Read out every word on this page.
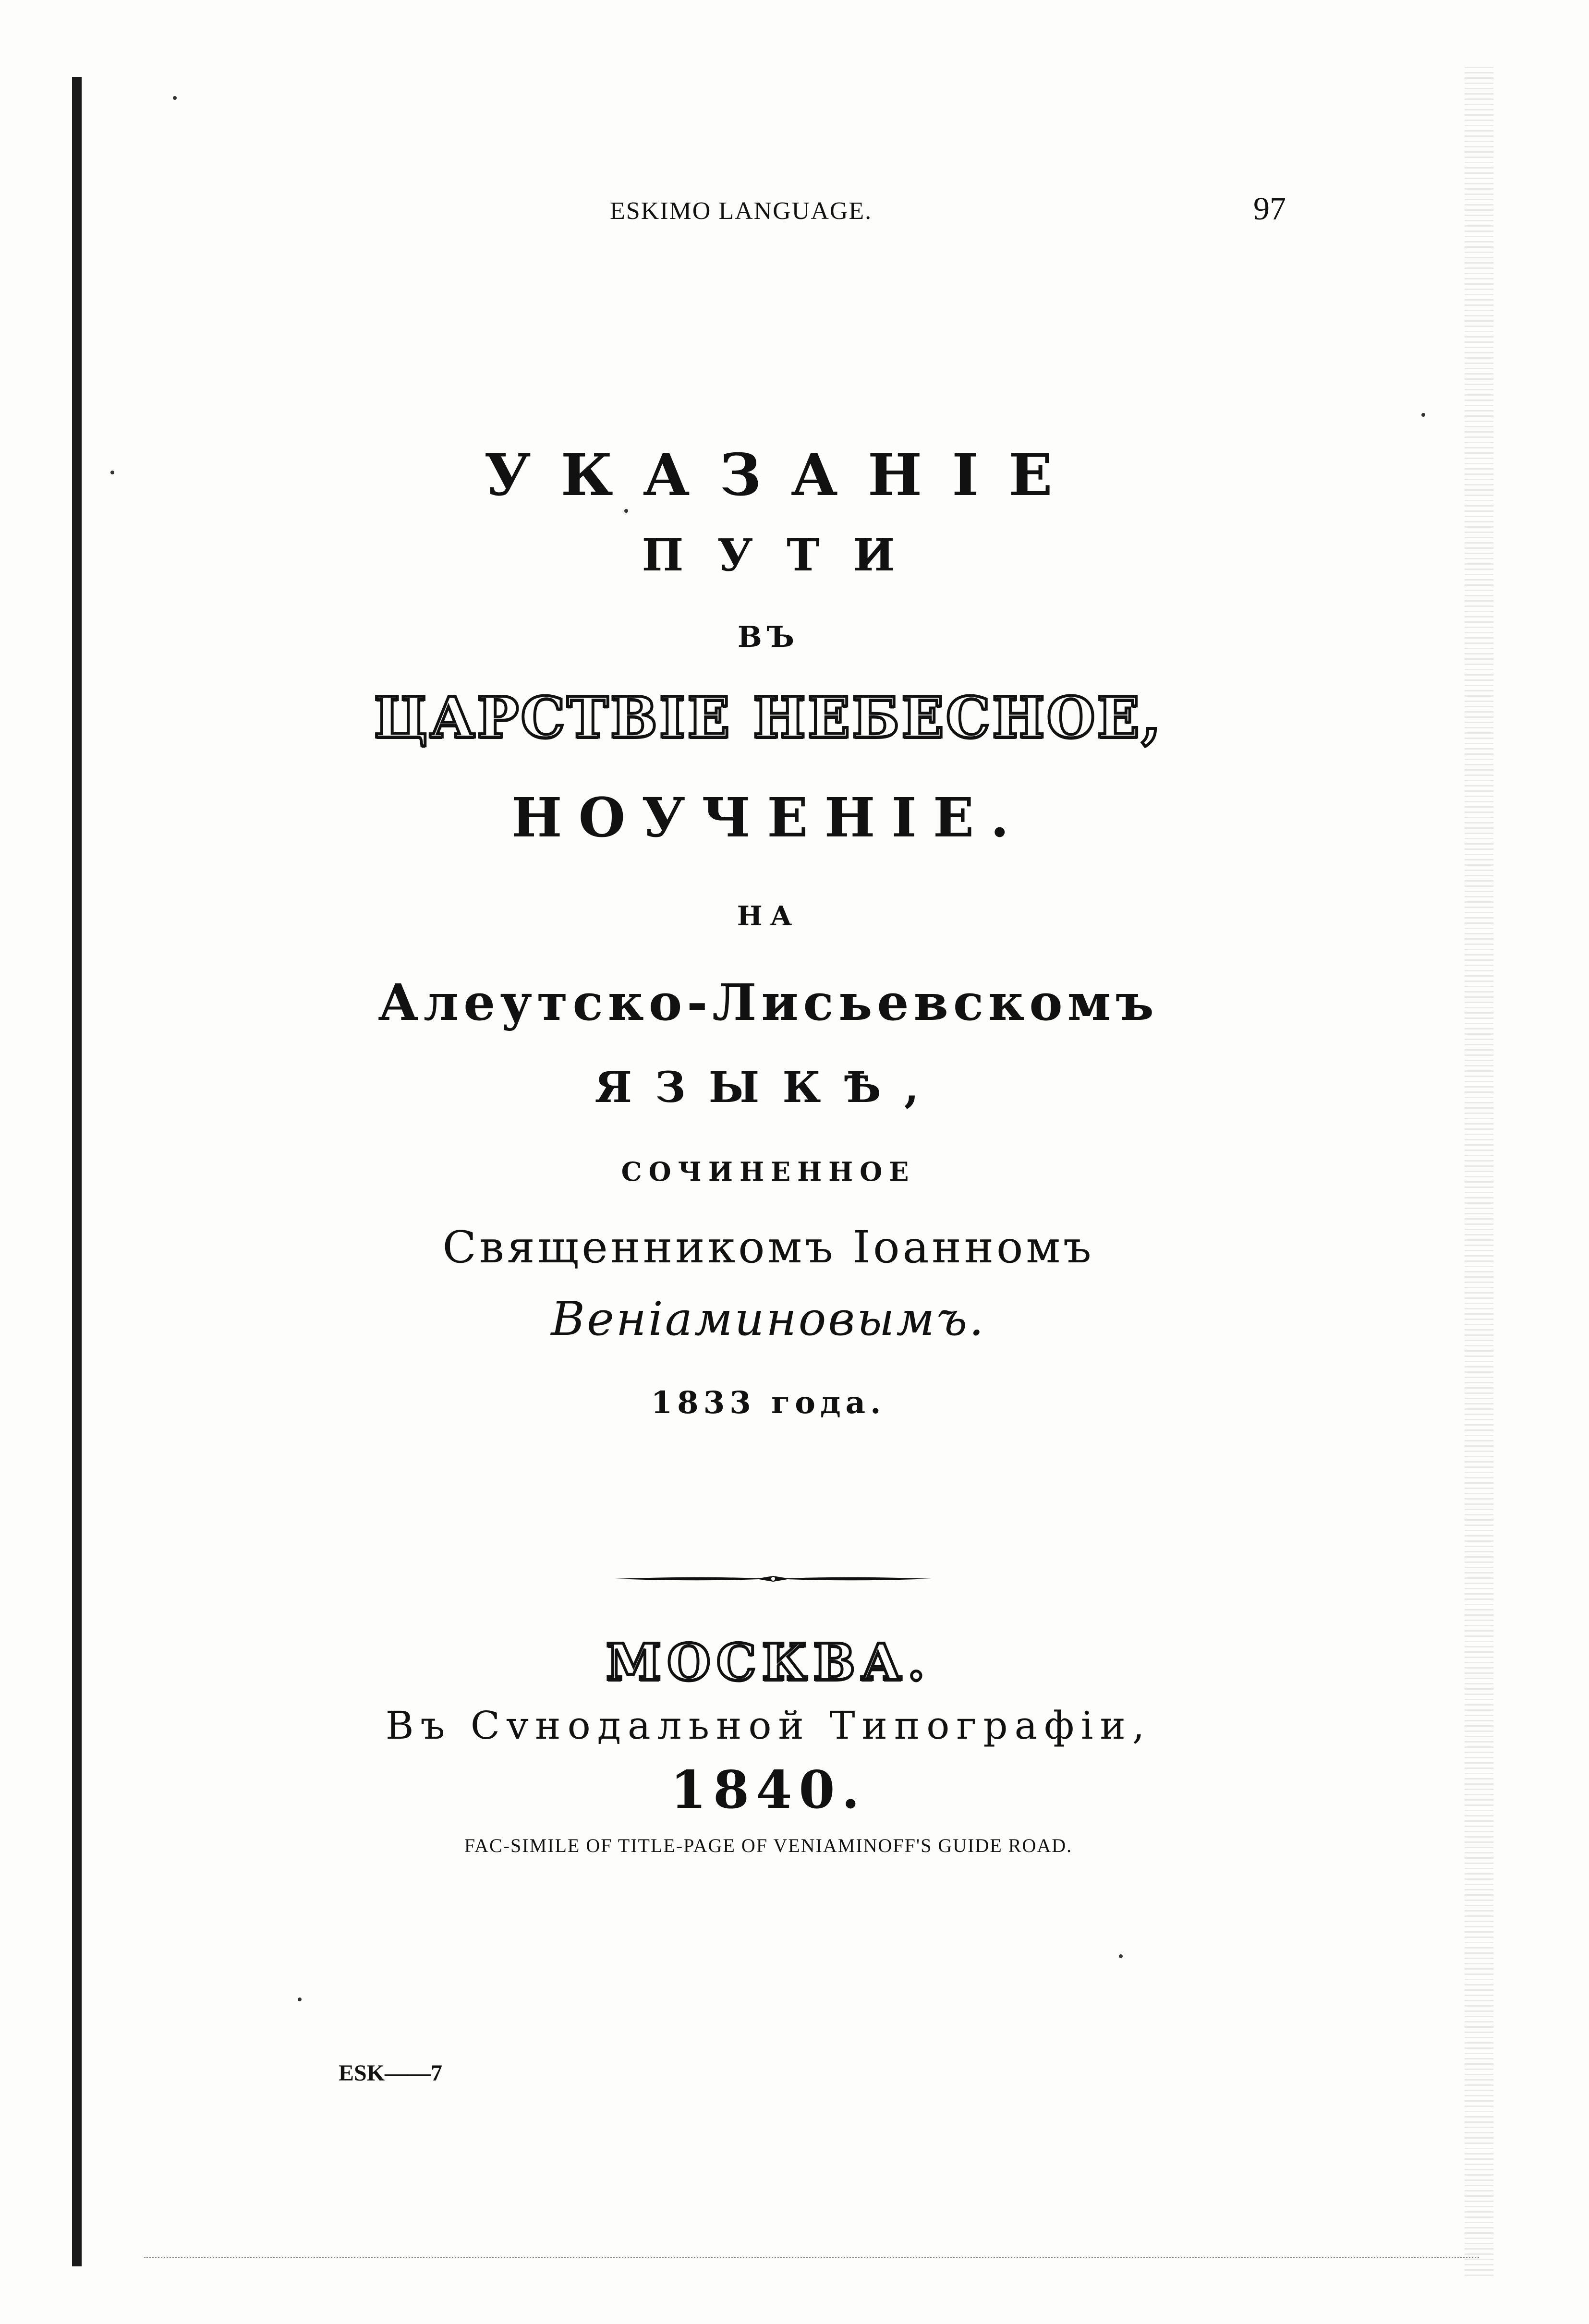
ESKIMO LANGUAGE.	97
УКАЗАНІЕ
ПУТИ
ВЪ
ЦАРСТВІЕ НЕБЕСНОЕ,
НОУЧЕНІЕ.
НА
Алеутско-Лисьевскомъ
ЯЗЫКѢ,
СОЧИНЕННОЕ
Священникомъ Іоанномъ
Веніаминовымъ.
1833 года.
МОСКВА.
Въ Сvнодальной Типографіи,
1840.
FAC-SIMILE OF TITLE-PAGE OF VENIAMINOFF'S GUIDE ROAD.
ESK——7
